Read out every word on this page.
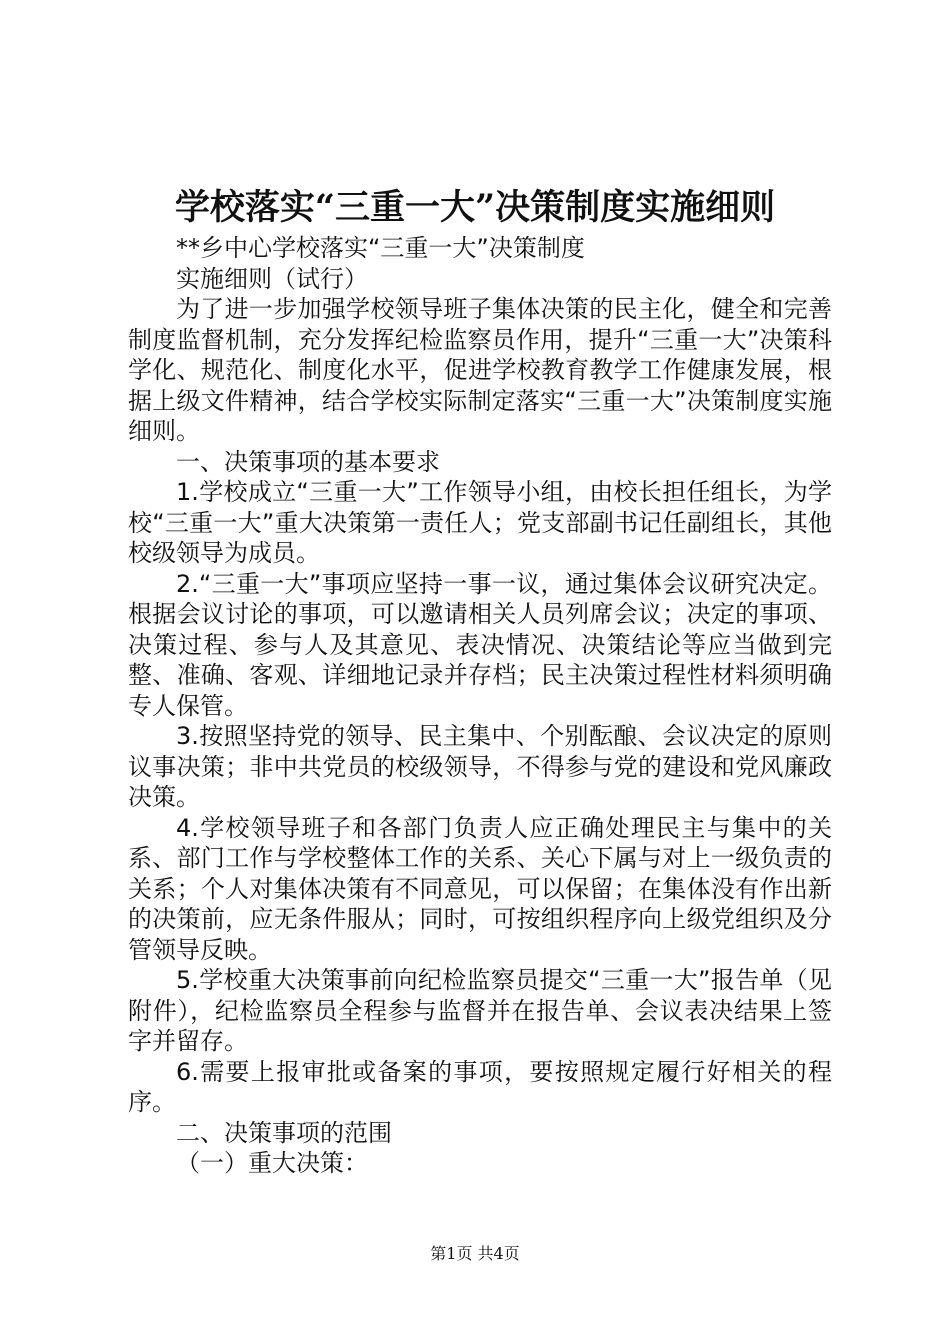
学校落实“三重一大”决策制度实施细则

**乡中心学校落实“三重一大”决策制度

实施细则（试行）

为了进一步加强学校领导班子集体决策的民主化，健全和完善制度监督机制，充分发挥纪检监察员作用，提升“三重一大”决策科学化、规范化、制度化水平，促进学校教育教学工作健康发展，根据上级文件精神，结合学校实际制定落实“三重一大”决策制度实施细则。

一、决策事项的基本要求

1.学校成立“三重一大”工作领导小组，由校长担任组长，为学校“三重一大”重大决策第一责任人；党支部副书记任副组长，其他校级领导为成员。

2.“三重一大”事项应坚持一事一议，通过集体会议研究决定。根据会议讨论的事项，可以邀请相关人员列席会议；决定的事项、决策过程、参与人及其意见、表决情况、决策结论等应当做到完整、准确、客观、详细地记录并存档；民主决策过程性材料须明确专人保管。

3.按照坚持党的领导、民主集中、个别酝酿、会议决定的原则议事决策；非中共党员的校级领导，不得参与党的建设和党风廉政决策。

4.学校领导班子和各部门负责人应正确处理民主与集中的关系、部门工作与学校整体工作的关系、关心下属与对上一级负责的关系；个人对集体决策有不同意见，可以保留；在集体没有作出新的决策前，应无条件服从；同时，可按组织程序向上级党组织及分管领导反映。

5.学校重大决策事前向纪检监察员提交“三重一大”报告单（见附件），纪检监察员全程参与监督并在报告单、会议表决结果上签字并留存。

6.需要上报审批或备案的事项，要按照规定履行好相关的程序。

二、决策事项的范围

（一）重大决策：

第1页 共4页
